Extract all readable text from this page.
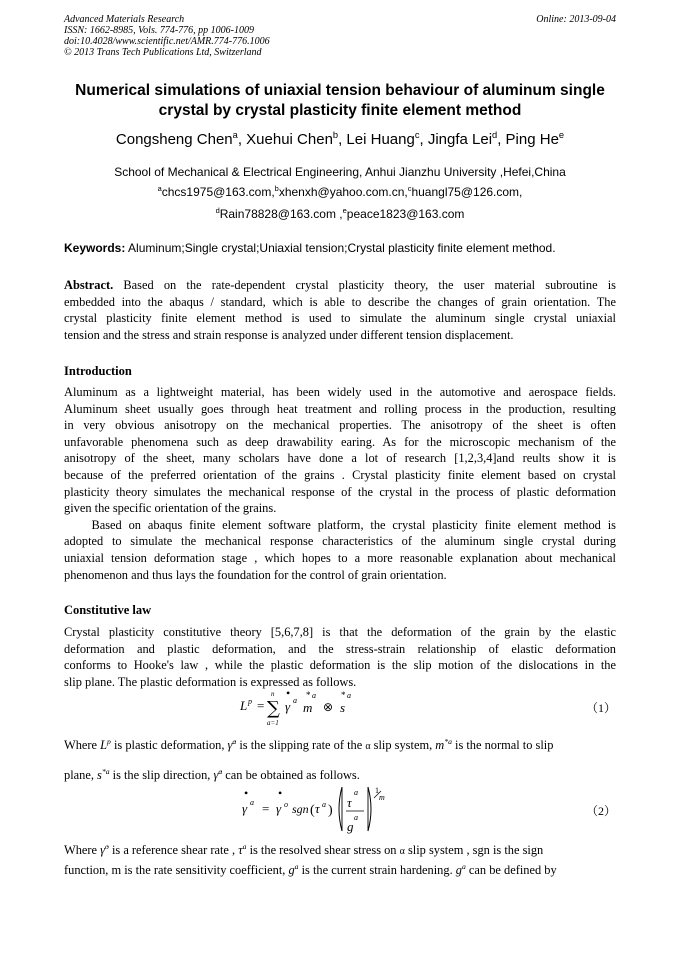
Advanced Materials Research
ISSN: 1662-8985, Vols. 774-776, pp 1006-1009
doi:10.4028/www.scientific.net/AMR.774-776.1006
© 2013 Trans Tech Publications Ltd, Switzerland
Online: 2013-09-04
Numerical simulations of uniaxial tension behaviour of aluminum single
crystal by crystal plasticity finite element method
Congsheng Chen$^a$, Xuehui Chen$^b$, Lei Huang$^c$, Jingfa Lei$^d$, Ping He$^e$
School of Mechanical & Electrical Engineering, Anhui Jianzhu University ,Hefei,China
$^a$chcs1975@163.com,$^b$xhenxh@yahoo.com.cn,$^c$huangl75@126.com,
$^d$Rain78828@163.com ,$^e$peace1823@163.com
Keywords: Aluminum;Single crystal;Uniaxial tension;Crystal plasticity finite element method.
Abstract. Based on the rate-dependent crystal plasticity theory, the user material subroutine is
embedded into the abaqus / standard, which is able to describe the changes of grain orientation. The
crystal plasticity finite element method is used to simulate the aluminum single crystal uniaxial
tension and the stress and strain response is analyzed under different tension displacement.
Introduction
Aluminum as a lightweight material, has been widely used in the automotive and aerospace fields.
Aluminum sheet usually goes through heat treatment and rolling process in the production, resulting
in very obvious anisotropy on the mechanical properties. The anisotropy of the sheet is often
unfavorable phenomena such as deep drawability earing. As for the microscopic mechanism of the
anisotropy of the sheet, many scholars have done a lot of research [1,2,3,4]and reults show it is
because of the preferred orientation of the grains . Crystal plasticity finite element based on crystal
plasticity theory simulates the mechanical response of the crystal in the process of plastic deformation
given the specific orientation of the grains.
Based on abaqus finite element software platform, the crystal plasticity finite element method is
adopted to simulate the mechanical response characteristics of the aluminum single crystal during
uniaxial tension deformation stage , which hopes to a more reasonable explanation about mechanical
phenomenon and thus lays the foundation for the control of grain orientation.
Constitutive law
Crystal plasticity constitutive theory [5,6,7,8] is that the deformation of the grain by the elastic
deformation and plastic deformation, and the stress-strain relationship of elastic deformation
conforms to Hooke's law , while the plastic deformation is the slip motion of the dislocations in the
slip plane. The plastic deformation is expressed as follows.
L p = ∑
n
a=1
•
γ a
* a
m ⊗
* a
s	（1）
Where $L^p$ is plastic deformation, γ̇$^a$ is the slipping rate of the α slip system, $m^{*a}$ is the normal to slip
plane, $s^{*a}$ is the slip direction, γ̇$^a$ can be obtained as follows.
•
γ a =
•
γ o sgn ( τ a )
a
τ
a
g
1
m
（2）
Where γ̇$^o$ is a reference shear rate , $\tau^a$ is the resolved shear stress on α slip system , sgn is the sign
function, m is the rate sensitivity coefficient, $g^a$ is the current strain hardening. $g^a$ can be defined by
